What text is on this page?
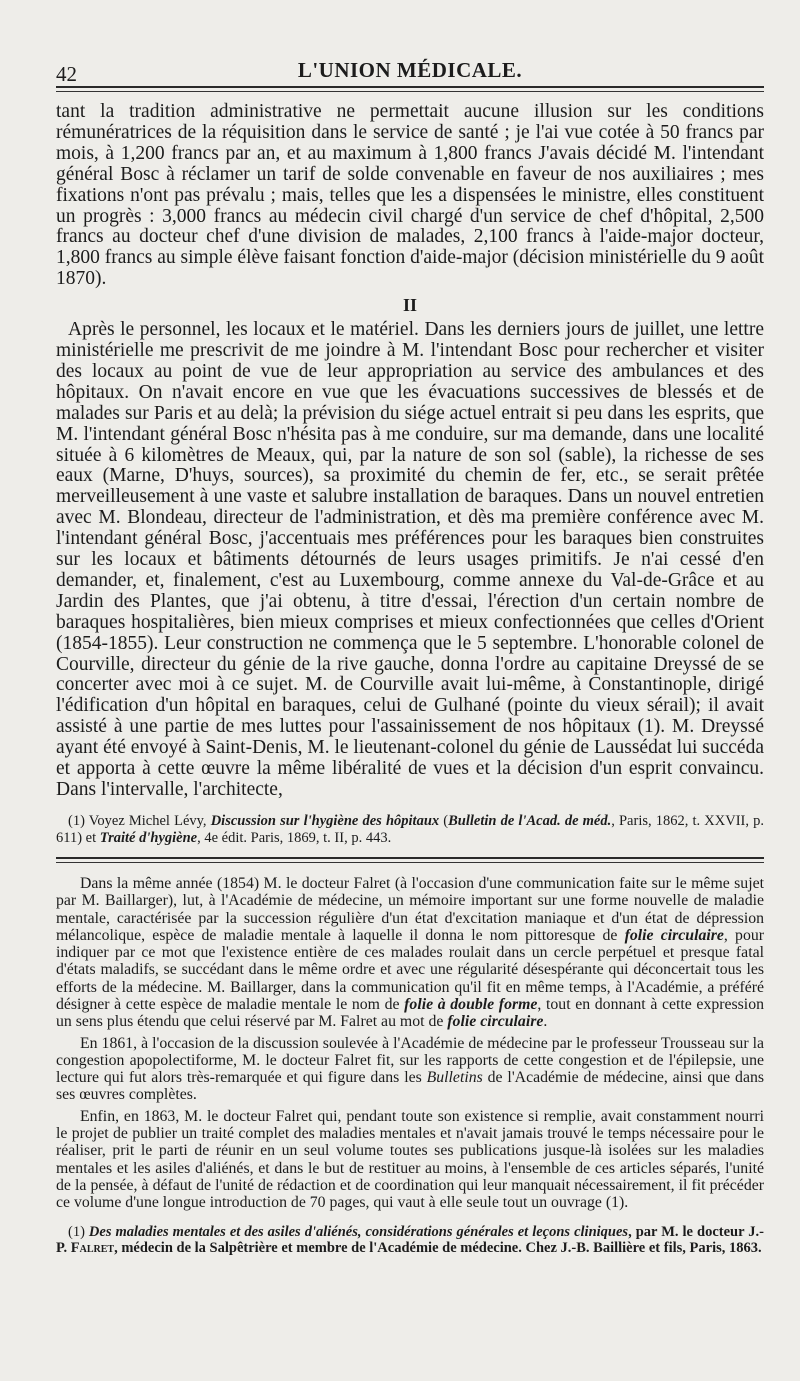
42	L'UNION MÉDICALE.

tant la tradition administrative ne permettait aucune illusion sur les conditions rémunératrices de la réquisition dans le service de santé ; je l'ai vue cotée à 50 francs par mois, à 1,200 francs par an, et au maximum à 1,800 francs J'avais décidé M. l'intendant général Bosc à réclamer un tarif de solde convenable en faveur de nos auxiliaires ; mes fixations n'ont pas prévalu ; mais, telles que les a dispensées le ministre, elles constituent un progrès : 3,000 francs au médecin civil chargé d'un service de chef d'hôpital, 2,500 francs au docteur chef d'une division de malades, 2,100 francs à l'aide-major docteur, 1,800 francs au simple élève faisant fonction d'aide-major (décision ministérielle du 9 août 1870).

II

Après le personnel, les locaux et le matériel. Dans les derniers jours de juillet, une lettre ministérielle me prescrivit de me joindre à M. l'intendant Bosc pour rechercher et visiter des locaux au point de vue de leur appropriation au service des ambulances et des hôpitaux. On n'avait encore en vue que les évacuations successives de blessés et de malades sur Paris et au delà; la prévision du siége actuel entrait si peu dans les esprits, que M. l'intendant général Bosc n'hésita pas à me conduire, sur ma demande, dans une localité située à 6 kilomètres de Meaux, qui, par la nature de son sol (sable), la richesse de ses eaux (Marne, D'huys, sources), sa proximité du chemin de fer, etc., se serait prêtée merveilleusement à une vaste et salubre installation de baraques. Dans un nouvel entretien avec M. Blondeau, directeur de l'administration, et dès ma première conférence avec M. l'intendant général Bosc, j'accentuais mes préférences pour les baraques bien construites sur les locaux et bâtiments détournés de leurs usages primitifs. Je n'ai cessé d'en demander, et, finalement, c'est au Luxembourg, comme annexe du Val-de-Grâce et au Jardin des Plantes, que j'ai obtenu, à titre d'essai, l'érection d'un certain nombre de baraques hospitalières, bien mieux comprises et mieux confectionnées que celles d'Orient (1854-1855). Leur construction ne commença que le 5 septembre. L'honorable colonel de Courville, directeur du génie de la rive gauche, donna l'ordre au capitaine Dreyssé de se concerter avec moi à ce sujet. M. de Courville avait lui-même, à Constantinople, dirigé l'édification d'un hôpital en baraques, celui de Gulhané (pointe du vieux sérail); il avait assisté à une partie de mes luttes pour l'assainissement de nos hôpitaux (1). M. Dreyssé ayant été envoyé à Saint-Denis, M. le lieutenant-colonel du génie de Laussédat lui succéda et apporta à cette œuvre la même libéralité de vues et la décision d'un esprit convaincu. Dans l'intervalle, l'architecte,

(1) Voyez Michel Lévy, Discussion sur l'hygiène des hôpitaux (Bulletin de l'Acad. de méd., Paris, 1862, t. XXVII, p. 611) et Traité d'hygiène, 4e édit. Paris, 1869, t. II, p. 443.

Dans la même année (1854) M. le docteur Falret (à l'occasion d'une communication faite sur le même sujet par M. Baillarger), lut, à l'Académie de médecine, un mémoire important sur une forme nouvelle de maladie mentale, caractérisée par la succession régulière d'un état d'excitation maniaque et d'un état de dépression mélancolique, espèce de maladie mentale à laquelle il donna le nom pittoresque de folie circulaire, pour indiquer par ce mot que l'existence entière de ces malades roulait dans un cercle perpétuel et presque fatal d'états maladifs, se succédant dans le même ordre et avec une régularité désespérante qui déconcertait tous les efforts de la médecine. M. Baillarger, dans la communication qu'il fit en même temps, à l'Académie, a préféré désigner à cette espèce de maladie mentale le nom de folie à double forme, tout en donnant à cette expression un sens plus étendu que celui réservé par M. Falret au mot de folie circulaire.

En 1861, à l'occasion de la discussion soulevée à l'Académie de médecine par le professeur Trousseau sur la congestion apopolectiforme, M. le docteur Falret fit, sur les rapports de cette congestion et de l'épilepsie, une lecture qui fut alors très-remarquée et qui figure dans les Bulletins de l'Académie de médecine, ainsi que dans ses œuvres complètes.

Enfin, en 1863, M. le docteur Falret qui, pendant toute son existence si remplie, avait constamment nourri le projet de publier un traité complet des maladies mentales et n'avait jamais trouvé le temps nécessaire pour le réaliser, prit le parti de réunir en un seul volume toutes ses publications jusque-là isolées sur les maladies mentales et les asiles d'aliénés, et dans le but de restituer au moins, à l'ensemble de ces articles séparés, l'unité de la pensée, à défaut de l'unité de rédaction et de coordination qui leur manquait nécessairement, il fit précéder ce volume d'une longue introduction de 70 pages, qui vaut à elle seule tout un ouvrage (1).

(1) Des maladies mentales et des asiles d'aliénés, considérations générales et leçons cliniques, par M. le docteur J.-P. Falret, médecin de la Salpêtrière et membre de l'Académie de médecine. Chez J.-B. Baillière et fils, Paris, 1863.
